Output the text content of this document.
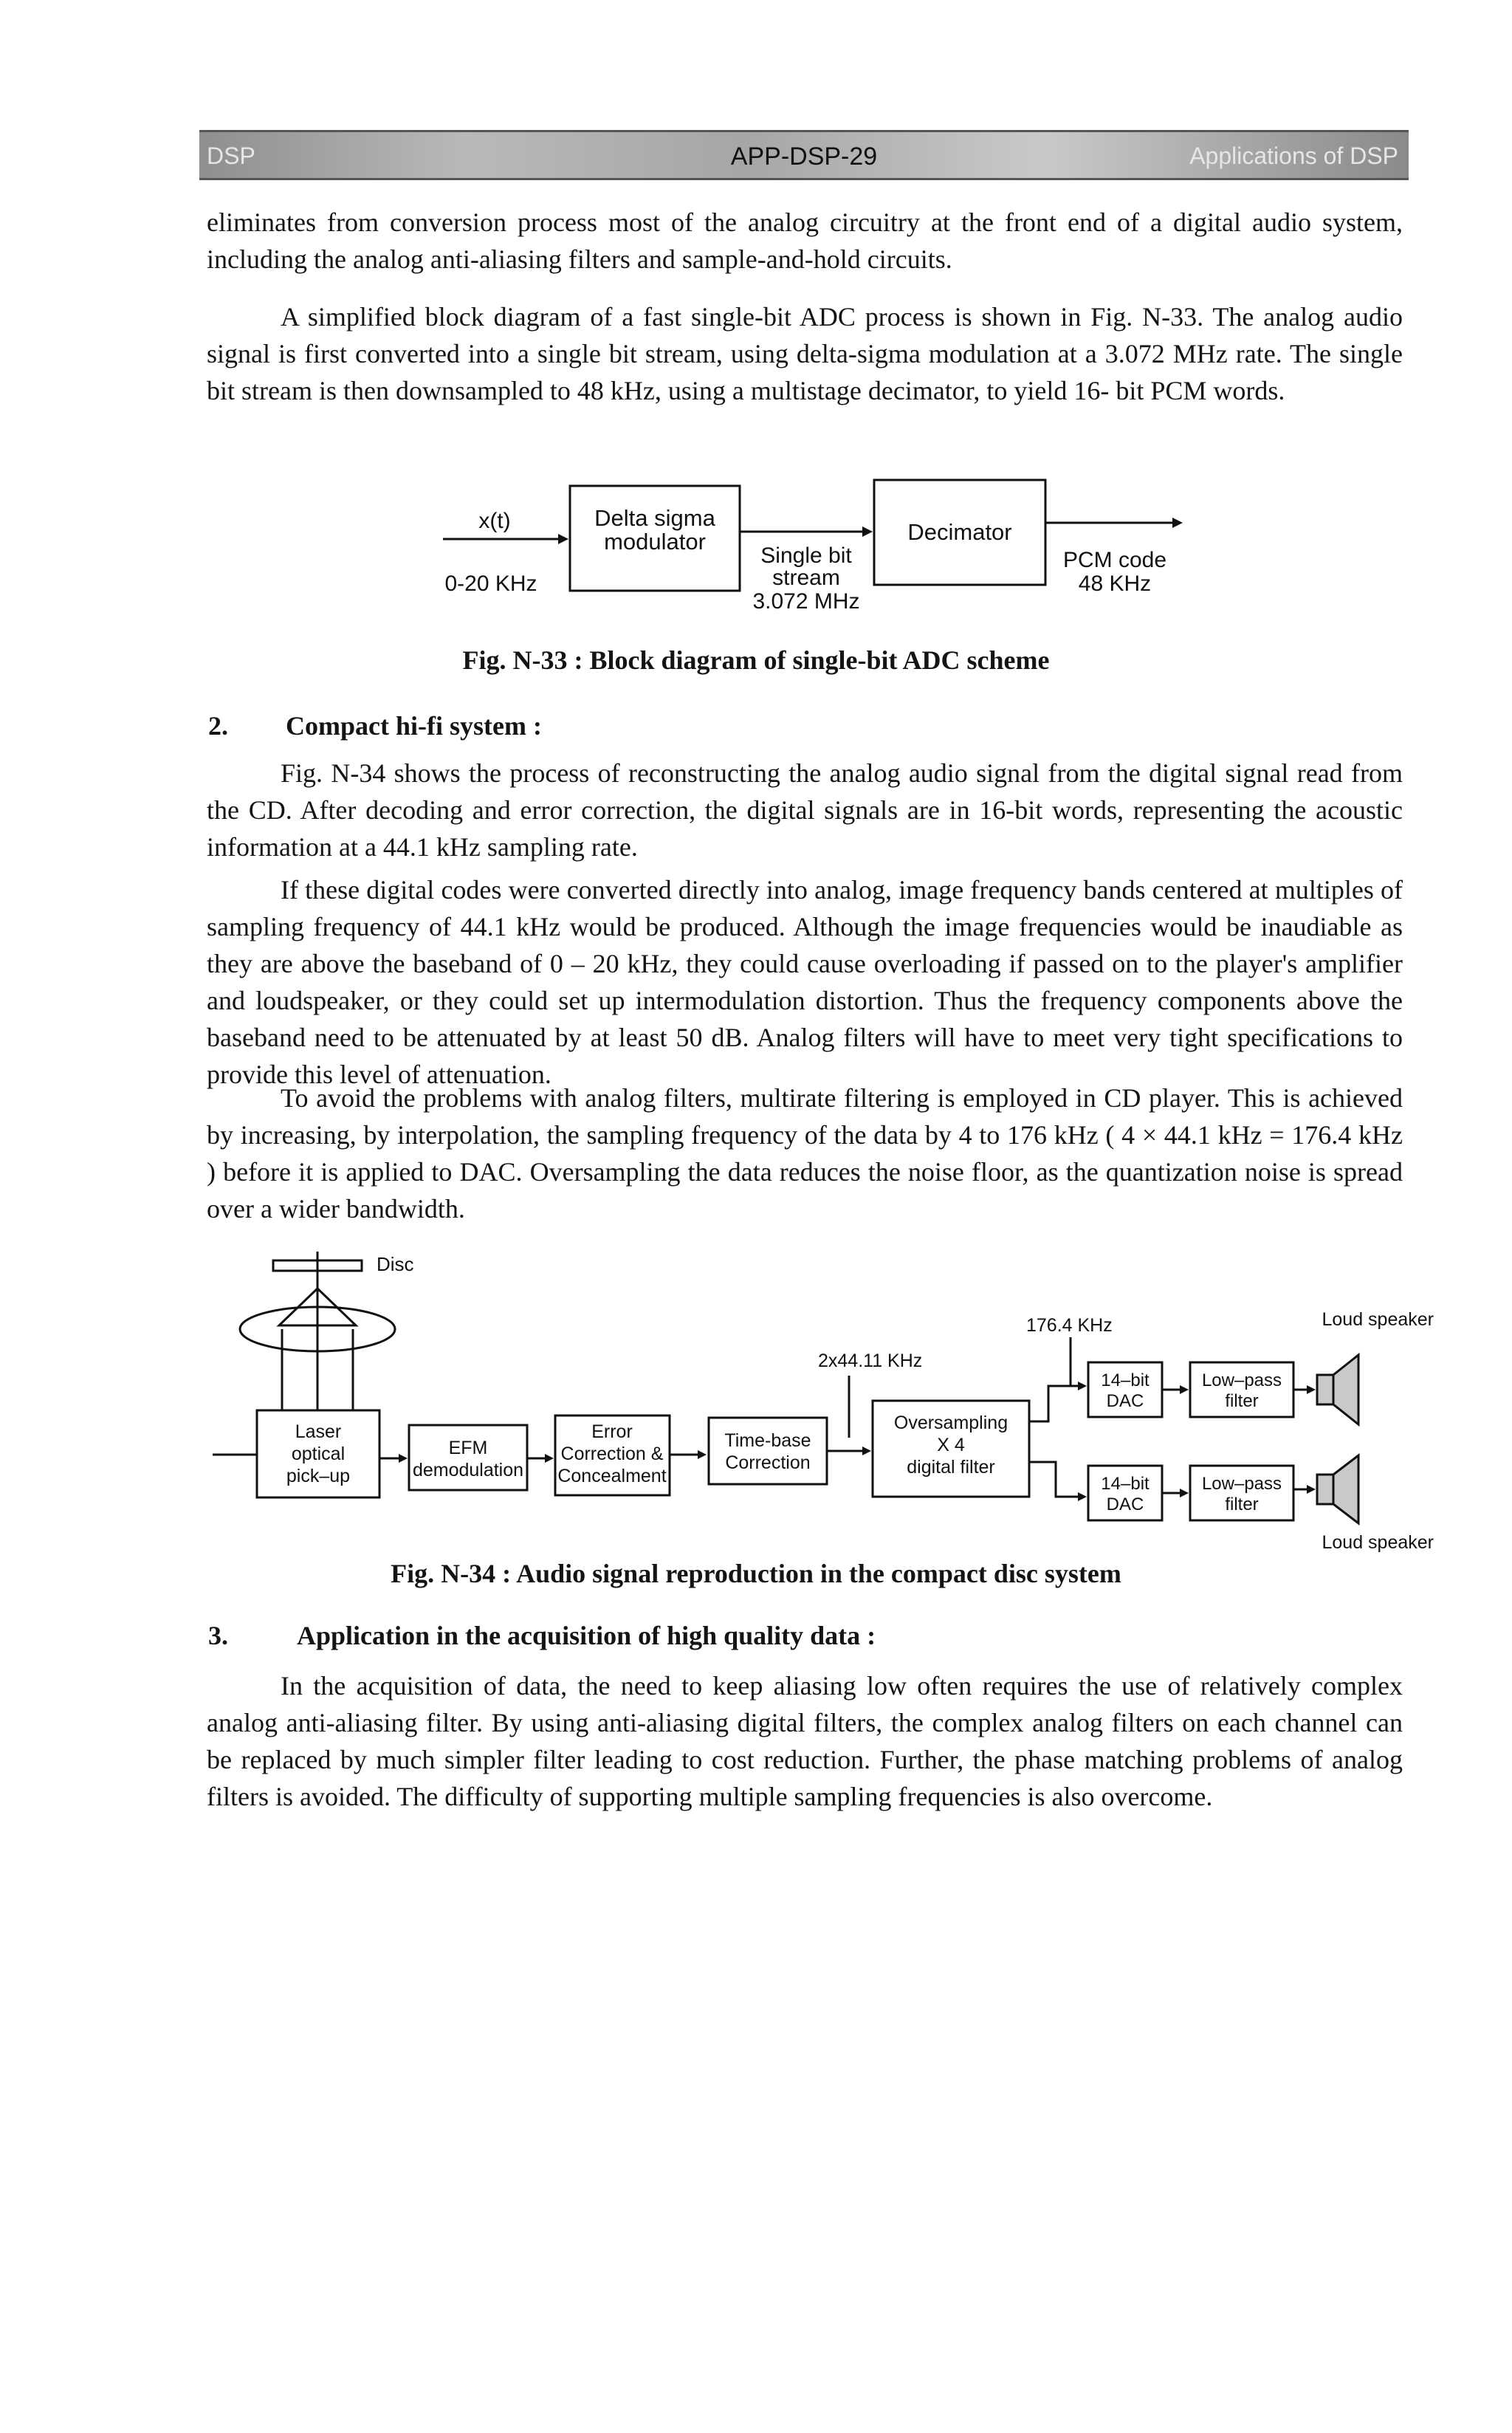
DSP	APP-DSP-29	Applications of DSP

eliminates from conversion process most of the analog circuitry at the front end of a digital audio system, including the analog anti-aliasing filters and sample-and-hold circuits.

A simplified block diagram of a fast single-bit ADC process is shown in Fig. N-33. The analog audio signal is first converted into a single bit stream, using delta-sigma modulation at a 3.072 MHz rate. The single bit stream is then downsampled to 48 kHz, using a multistage decimator, to yield 16- bit PCM words.

x(t)
0-20 KHz
Delta sigma
modulator
Single bit
stream
3.072 MHz
Decimator
PCM code
48 KHz
Fig. N-33 : Block diagram of single-bit ADC scheme
2. Compact hi-fi system :

Fig. N-34 shows the process of reconstructing the analog audio signal from the digital signal read from the CD. After decoding and error correction, the digital signals are in 16-bit words, representing the acoustic information at a 44.1 kHz sampling rate.

If these digital codes were converted directly into analog, image frequency bands centered at multiples of sampling frequency of 44.1 kHz would be produced. Although the image frequencies would be inaudiable as they are above the baseband of 0 – 20 kHz, they could cause overloading if passed on to the player's amplifier and loudspeaker, or they could set up intermodulation distortion. Thus the frequency components above the baseband need to be attenuated by at least 50 dB. Analog filters will have to meet very tight specifications to provide this level of attenuation.

To avoid the problems with analog filters, multirate filtering is employed in CD player. This is achieved by increasing, by interpolation, the sampling frequency of the data by 4 to 176 kHz ( 4 × 44.1 kHz = 176.4 kHz ) before it is applied to DAC. Oversampling the data reduces the noise floor, as the quantization noise is spread over a wider bandwidth.

Disc
Laser
optical
pick–up
EFM
demodulation
Error
Correction &
Concealment
Time-base
Correction
2x44.11 KHz
Oversampling
X 4
digital filter
176.4 KHz
14–bit
DAC
Low–pass
filter
Loud speaker
14–bit
DAC
Low–pass
filter
Loud speaker
Fig. N-34 : Audio signal reproduction in the compact disc system
3.	Application in the acquisition of high quality data :

In the acquisition of data, the need to keep aliasing low often requires the use of relatively complex analog anti-aliasing filter. By using anti-aliasing digital filters, the complex analog filters on each channel can be replaced by much simpler filter leading to cost reduction. Further, the phase matching problems of analog filters is avoided. The difficulty of supporting multiple sampling frequencies is also overcome.
